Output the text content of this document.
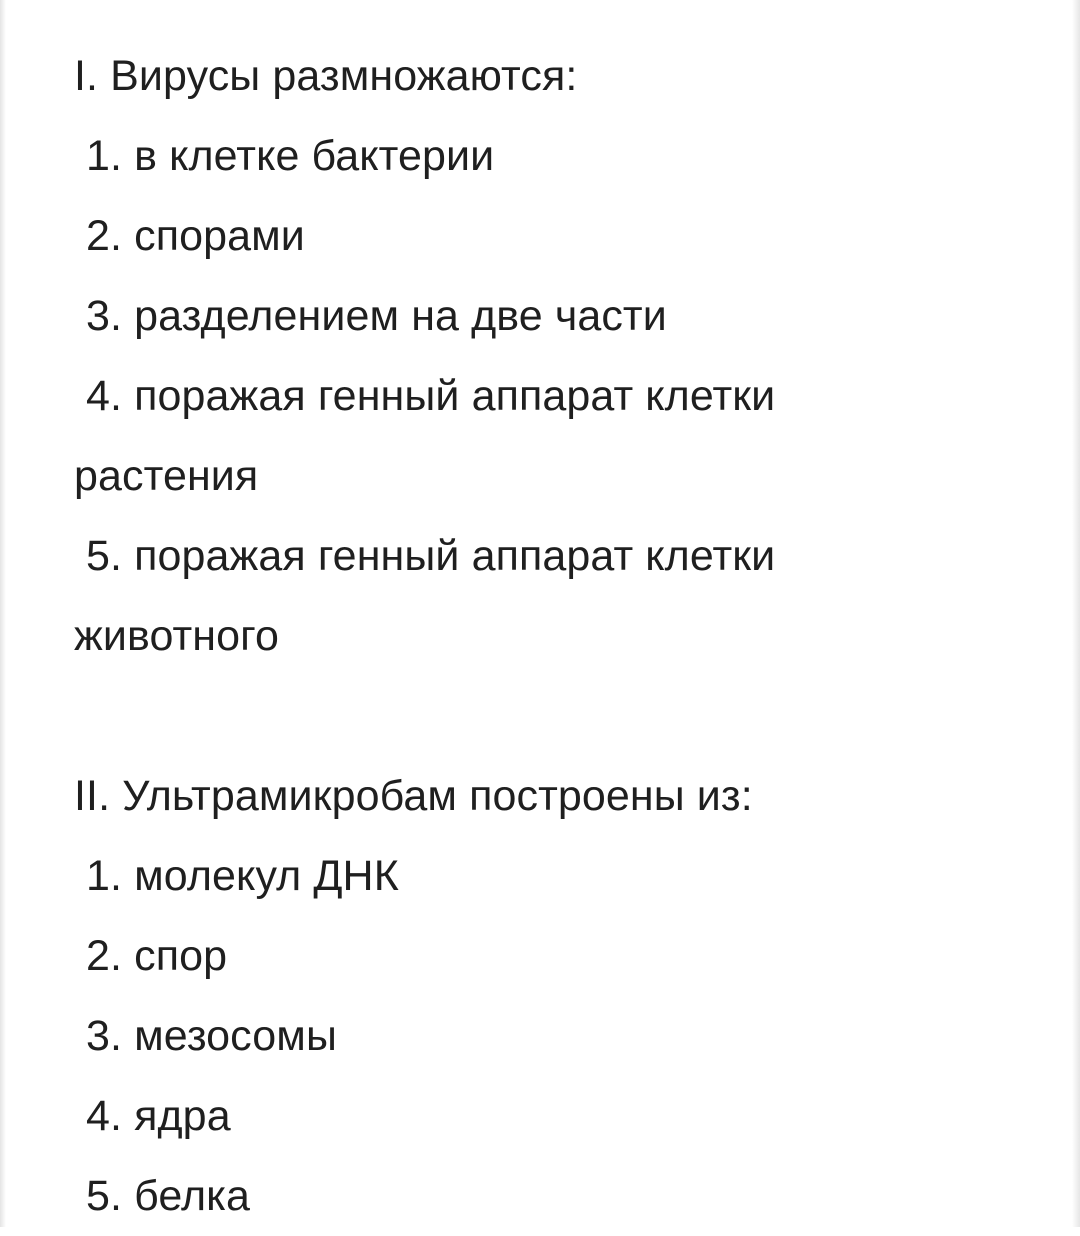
I. Вирусы размножаются:
1. в клетке бактерии
2. спорами
3. разделением на две части
4. поражая генный аппарат клетки
растения
5. поражая генный аппарат клетки
животного
II. Ультрамикробам построены из:
1. молекул ДНК
2. спор
3. мезосомы
4. ядра
5. белка
